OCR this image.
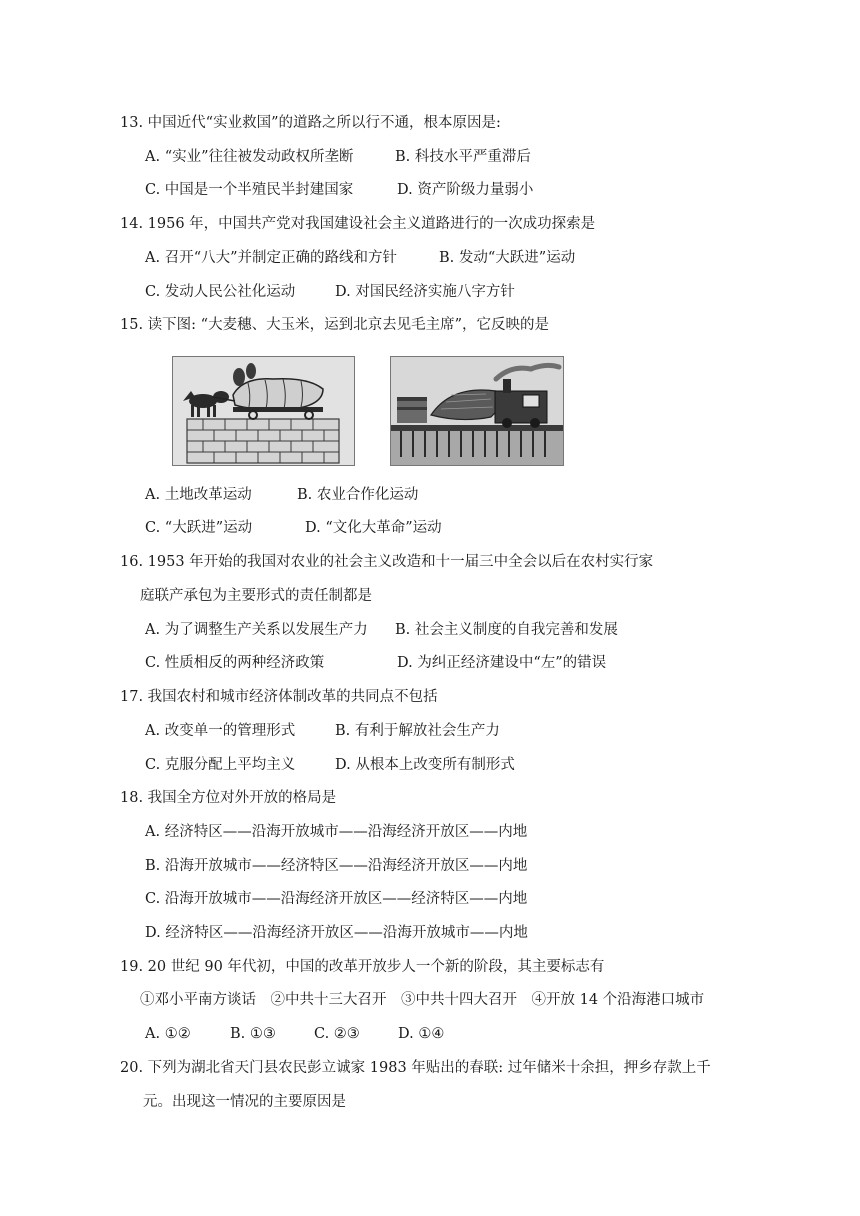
13. 中国近代“实业救国”的道路之所以行不通，根本原因是:
A. “实业”往往被发动政权所垄断	B. 科技水平严重滞后
C. 中国是一个半殖民半封建国家	D. 资产阶级力量弱小
14. 1956 年，中国共产党对我国建设社会主义道路进行的一次成功探索是
A. 召开“八大”并制定正确的路线和方针	B. 发动“大跃进”运动
C. 发动人民公社化运动	D. 对国民经济实施八字方针
15. 读下图: “大麦穗、大玉米，运到北京去见毛主席”，它反映的是
A. 土地改革运动	B. 农业合作化运动
C. “大跃进”运动	D. “文化大革命”运动
16. 1953 年开始的我国对农业的社会主义改造和十一届三中全会以后在农村实行家
庭联产承包为主要形式的责任制都是
A. 为了调整生产关系以发展生产力 B. 社会主义制度的自我完善和发展
C. 性质相反的两种经济政策	D. 为纠正经济建设中“左”的错误
17. 我国农村和城市经济体制改革的共同点不包括
A. 改变单一的管理形式	B. 有利于解放社会生产力
C. 克服分配上平均主义	D. 从根本上改变所有制形式
18. 我国全方位对外开放的格局是
A. 经济特区——沿海开放城市——沿海经济开放区——内地
B. 沿海开放城市——经济特区——沿海经济开放区——内地
C. 沿海开放城市——沿海经济开放区——经济特区——内地
D. 经济特区——沿海经济开放区——沿海开放城市——内地
19. 20 世纪 90 年代初，中国的改革开放步人一个新的阶段，其主要标志有
①邓小平南方谈话　②中共十三大召开　③中共十四大召开　④开放 14 个沿海港口城市
A. ①②	B. ①③	C. ②③	D. ①④
20. 下列为湖北省天门县农民彭立诚家 1983 年贴出的春联: 过年储米十余担，押乡存款上千
元。出现这一情况的主要原因是
